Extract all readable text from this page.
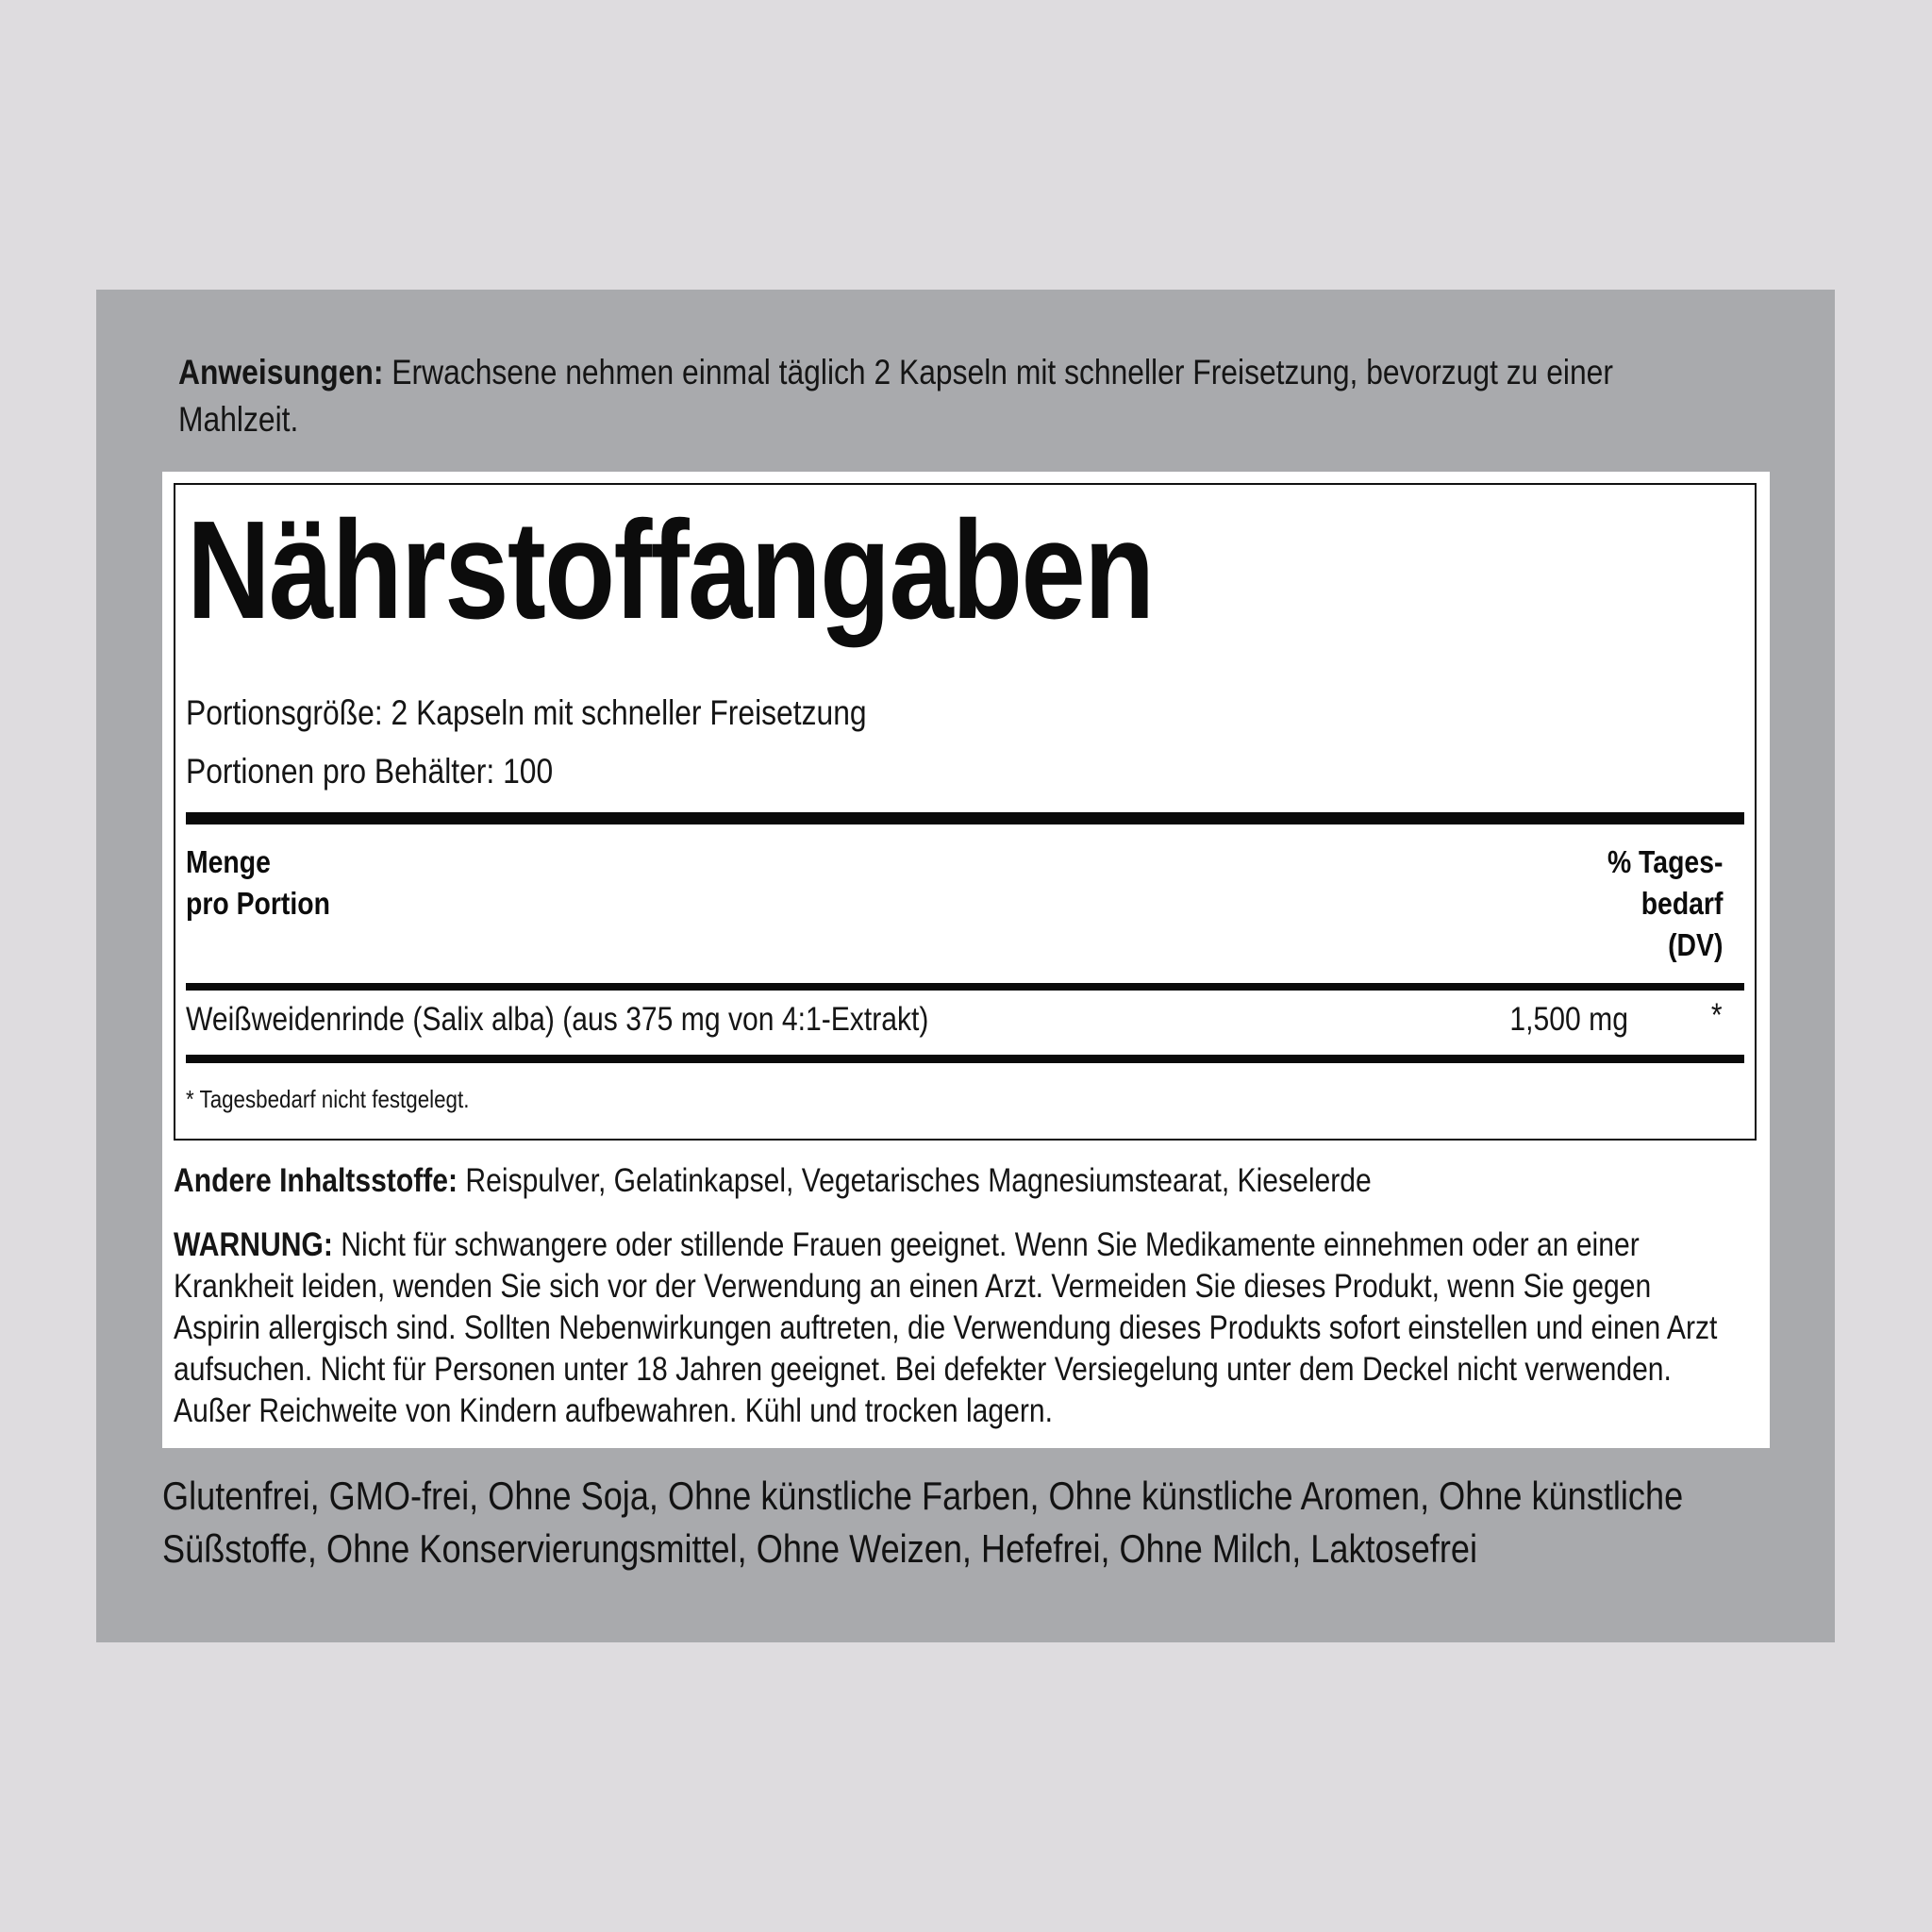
Anweisungen: Erwachsene nehmen einmal täglich 2 Kapseln mit schneller Freisetzung, bevorzugt zu einer Mahlzeit.
Nährstoffangaben
Portionsgröße: 2 Kapseln mit schneller Freisetzung
Portionen pro Behälter: 100
Menge
pro Portion
% Tages-
bedarf
(DV)
Weißweidenrinde (Salix alba) (aus 375 mg von 4:1-Extrakt)	1,500 mg	*
* Tagesbedarf nicht festgelegt.
Andere Inhaltsstoffe: Reispulver, Gelatinkapsel, Vegetarisches Magnesiumstearat, Kieselerde
WARNUNG: Nicht für schwangere oder stillende Frauen geeignet. Wenn Sie Medikamente einnehmen oder an einer Krankheit leiden, wenden Sie sich vor der Verwendung an einen Arzt. Vermeiden Sie dieses Produkt, wenn Sie gegen Aspirin allergisch sind. Sollten Nebenwirkungen auftreten, die Verwendung dieses Produkts sofort einstellen und einen Arzt aufsuchen. Nicht für Personen unter 18 Jahren geeignet. Bei defekter Versiegelung unter dem Deckel nicht verwenden. Außer Reichweite von Kindern aufbewahren. Kühl und trocken lagern.
Glutenfrei, GMO-frei, Ohne Soja, Ohne künstliche Farben, Ohne künstliche Aromen, Ohne künstliche Süßstoffe, Ohne Konservierungsmittel, Ohne Weizen, Hefefrei, Ohne Milch, Laktosefrei
